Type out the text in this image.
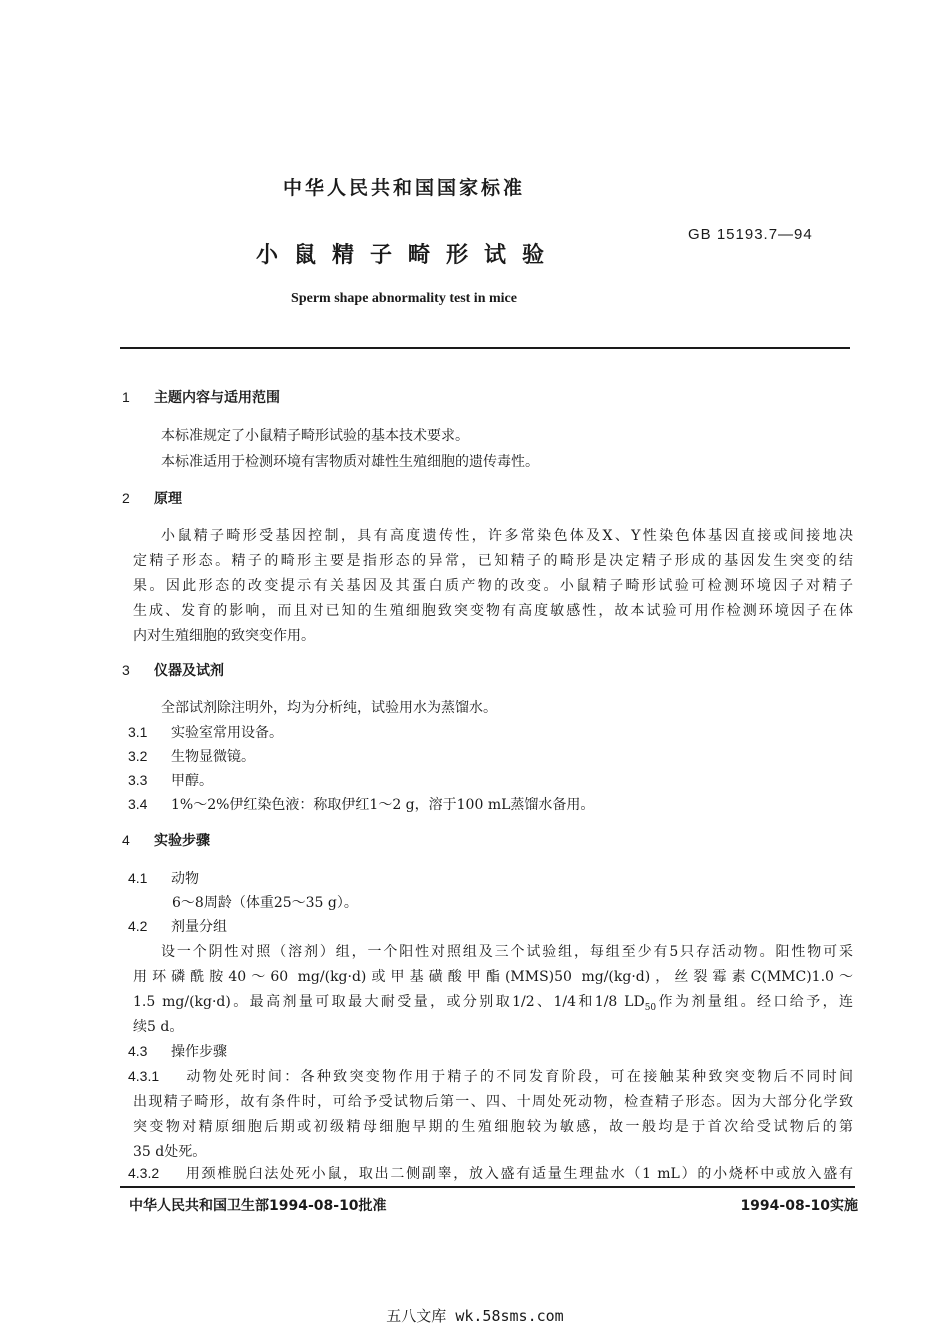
中华人民共和国国家标准
GB 15193.7—94
小鼠精子畸形试验
Sperm shape abnormality test in mice
1 主题内容与适用范围
本标准规定了小鼠精子畸形试验的基本技术要求。
本标准适用于检测环境有害物质对雄性生殖细胞的遗传毒性。
2 原理
小鼠精子畸形受基因控制，具有高度遗传性，许多常染色体及X、Y性染色体基因直接或间接地决
定精子形态。精子的畸形主要是指形态的异常，已知精子的畸形是决定精子形成的基因发生突变的结
果。因此形态的改变提示有关基因及其蛋白质产物的改变。小鼠精子畸形试验可检测环境因子对精子
生成、发育的影响，而且对已知的生殖细胞致突变物有高度敏感性，故本试验可用作检测环境因子在体
内对生殖细胞的致突变作用。
3 仪器及试剂
全部试剂除注明外，均为分析纯，试验用水为蒸馏水。
3.1 实验室常用设备。
3.2 生物显微镜。
3.3 甲醇。
3.4 1%～2%伊红染色液：称取伊红1～2 g，溶于100 mL蒸馏水备用。
4 实验步骤
4.1 动物
6～8周龄（体重25～35 g）。
4.2 剂量分组
设一个阴性对照（溶剂）组，一个阳性对照组及三个试验组，每组至少有5只存活动物。阳性物可采
用环磷酰胺40～60 mg/(kg·d)或甲基磺酸甲酯(MMS)50 mg/(kg·d)，丝裂霉素C(MMC)1.0～
1.5 mg/(kg·d)。最高剂量可取最大耐受量，或分别取1/2、1/4和1/8 $LD_{50}$作为剂量组。经口给予，连
续5 d。
4.3 操作步骤
4.3.1 动物处死时间：各种致突变物作用于精子的不同发育阶段，可在接触某种致突变物后不同时间
出现精子畸形，故有条件时，可给予受试物后第一、四、十周处死动物，检查精子形态。因为大部分化学致
突变物对精原细胞后期或初级精母细胞早期的生殖细胞较为敏感，故一般均是于首次给受试物后的第
35 d处死。
4.3.2 用颈椎脱臼法处死小鼠，取出二侧副睾，放入盛有适量生理盐水（1 mL）的小烧杯中或放入盛有
中华人民共和国卫生部1994-08-10批准	1994-08-10实施
五八文库 wk.58sms.com
